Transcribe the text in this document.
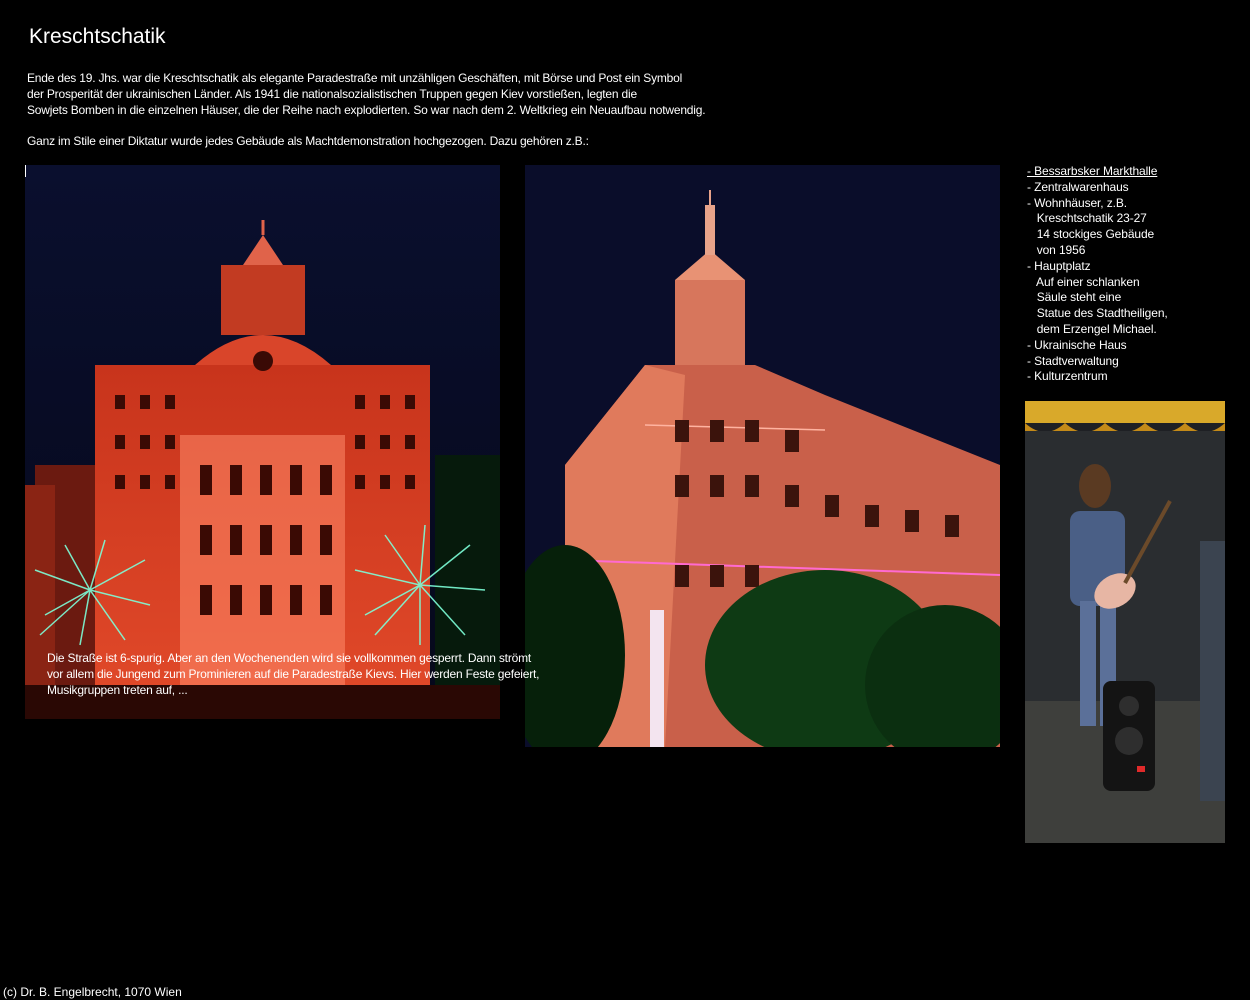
Kreschtschatik
Ende des 19. Jhs. war die Kreschtschatik als elegante Paradestraße mit unzähligen Geschäften, mit Börse und Post ein Symbol
der Prosperität der ukrainischen Länder. Als 1941 die nationalsozialistischen Truppen gegen Kiev vorstießen, legten die
Sowjets Bomben in die einzelnen Häuser, die der Reihe nach explodierten. So war nach dem 2. Weltkrieg ein Neuaufbau notwendig.
Ganz im Stile einer Diktatur wurde jedes Gebäude als Machtdemonstration hochgezogen. Dazu gehören z.B.:
Die Straße ist 6-spurig. Aber an den Wochenenden wird sie vollkommen gesperrt. Dann strömt
vor allem die Jungend zum Prominieren auf die Paradestraße Kievs. Hier werden Feste gefeiert,
Musikgruppen treten auf, ...
- Bessarbsker Markthalle
- Zentralwarenhaus
- Wohnhäuser, z.B.
Kreschtschatik 23-27
14 stockiges Gebäude
von 1956
- Hauptplatz
Auf einer schlanken
Säule steht eine
Statue des Stadtheiligen,
dem Erzengel Michael.
- Ukrainische Haus
- Stadtverwaltung
- Kulturzentrum
(c) Dr. B. Engelbrecht, 1070 Wien
